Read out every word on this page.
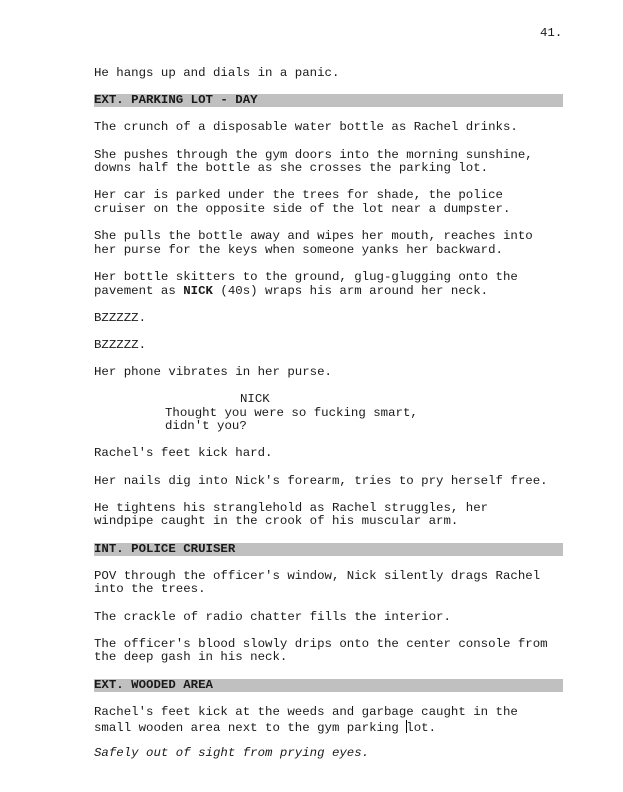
41.
He hangs up and dials in a panic.
EXT. PARKING LOT - DAY
The crunch of a disposable water bottle as Rachel drinks.
She pushes through the gym doors into the morning sunshine,
downs half the bottle as she crosses the parking lot.
Her car is parked under the trees for shade, the police
cruiser on the opposite side of the lot near a dumpster.
She pulls the bottle away and wipes her mouth, reaches into
her purse for the keys when someone yanks her backward.
Her bottle skitters to the ground, glug-glugging onto the
pavement as NICK (40s) wraps his arm around her neck.
BZZZZZ.
BZZZZZ.
Her phone vibrates in her purse.
NICK
Thought you were so fucking smart,
didn't you?
Rachel's feet kick hard.
Her nails dig into Nick's forearm, tries to pry herself free.
He tightens his stranglehold as Rachel struggles, her
windpipe caught in the crook of his muscular arm.
INT. POLICE CRUISER
POV through the officer's window, Nick silently drags Rachel
into the trees.
The crackle of radio chatter fills the interior.
The officer's blood slowly drips onto the center console from
the deep gash in his neck.
EXT. WOODED AREA
Rachel's feet kick at the weeds and garbage caught in the
small wooden area next to the gym parking lot.
Safely out of sight from prying eyes.
